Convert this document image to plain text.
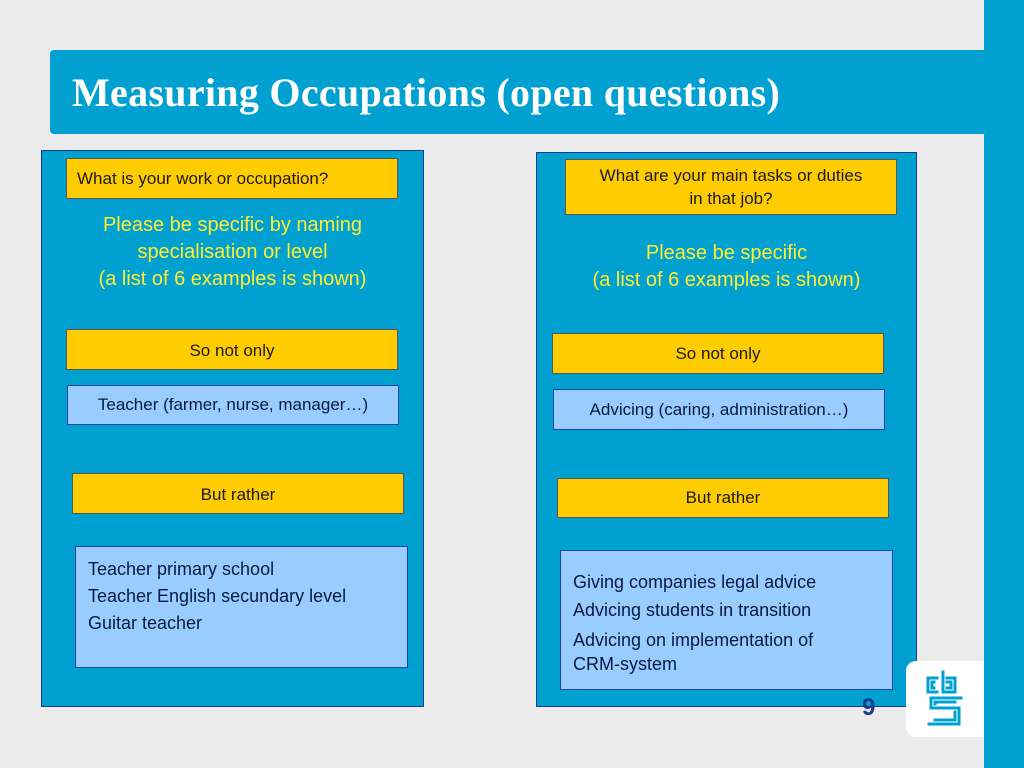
Measuring Occupations (open questions)
What is your work or occupation?
Please be specific by naming
specialisation or level
(a list of 6 examples is shown)
So not only
Teacher (farmer, nurse, manager…)
But rather
Teacher primary school
Teacher English secundary level
Guitar teacher
What are your main tasks or duties
in that job?
Please be specific
(a list of 6 examples is shown)
So not only
Advicing (caring, administration…)
But rather
Giving companies legal advice
Advicing students in transition
Advicing on implementation of
CRM-system
9
